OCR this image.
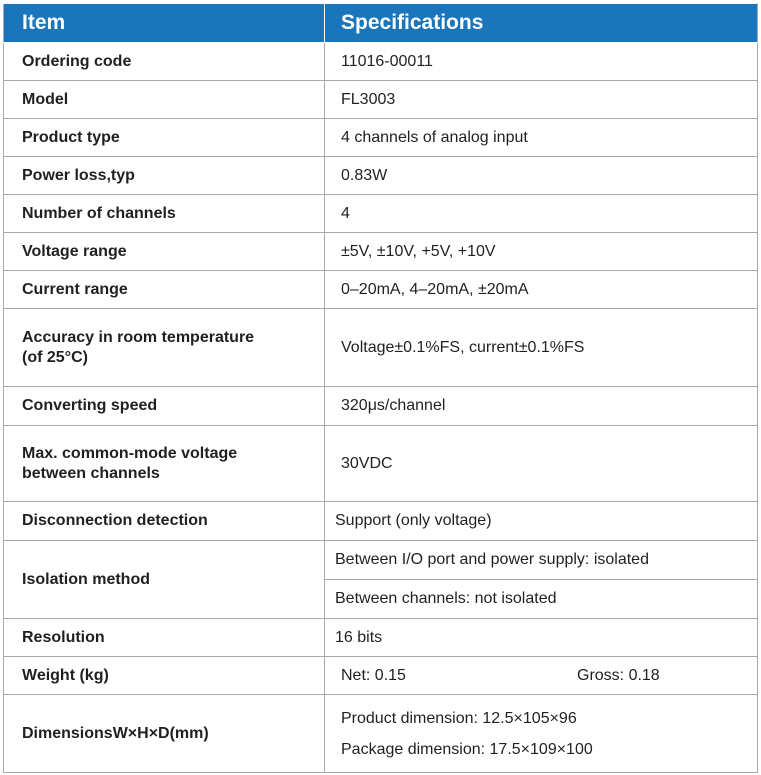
Item	Specifications
Ordering code	11016-00011
Model	FL3003
Product type	4 channels of analog input
Power loss,typ	0.83W
Number of channels	4
Voltage range	±5V, ±10V, +5V, +10V
Current range	0–20mA, 4–20mA, ±20mA
Accuracy in room temperature
(of 25°C)	Voltage±0.1%FS, current±0.1%FS
Converting speed	320μs/channel
Max. common-mode voltage
between channels	30VDC
Disconnection detection	Support (only voltage)
Isolation method	Between I/O port and power supply: isolated
	Between channels: not isolated
Resolution	16 bits
Weight (kg)	Net: 0.15 Gross: 0.18

DimensionsW×H×D(mm)	Product dimension: 12.5×105×96
Package dimension: 17.5×109×100
